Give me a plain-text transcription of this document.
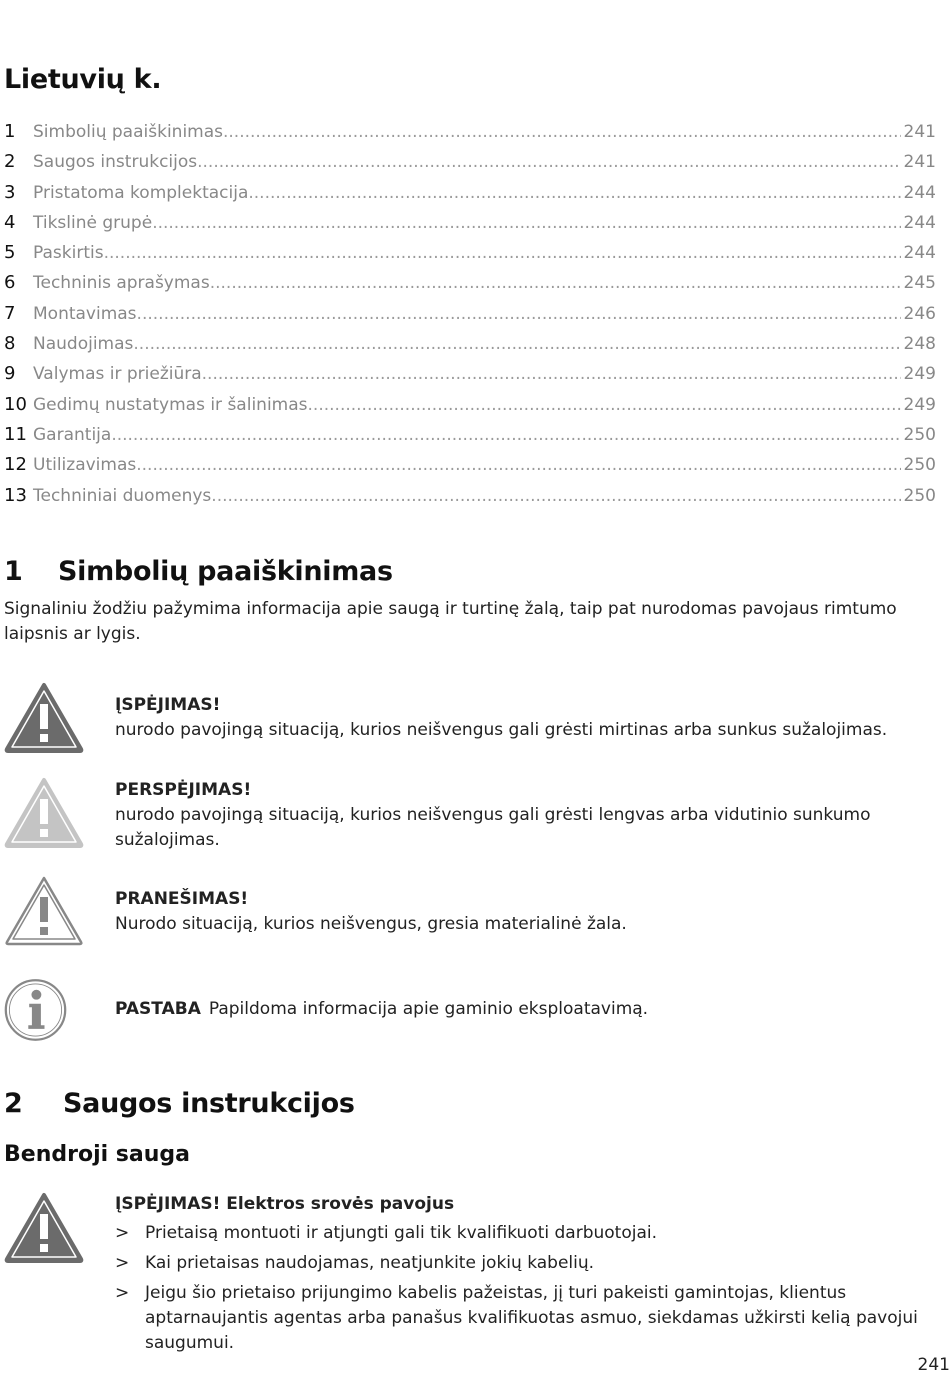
Lietuvių k.
1	Simbolių paaiškinimas .....	241
2	Saugos instrukcijos .....	241
3	Pristatoma komplektacija .....	244
4	Tikslinė grupė .....	244
5	Paskirtis .....	244
6	Techninis aprašymas .....	245
7	Montavimas .....	246
8	Naudojimas .....	248
9	Valymas ir priežiūra .....	249
10 Gedimų nustatymas ir šalinimas .....	249
11 Garantija .....	250
12 Utilizavimas .....	250
13 Techniniai duomenys .....	250
1	Simbolių paaiškinimas

Signaliniu žodžiu pažymima informacija apie saugą ir turtinę žalą, taip pat nurodomas pavojaus rimtumo laipsnis ar lygis.

ĮSPĖJIMAS!
nurodo pavojingą situaciją, kurios neišvengus gali grėsti mirtinas arba sunkus sužalojimas.
PERSPĖJIMAS!
nurodo pavojingą situaciją, kurios neišvengus gali grėsti lengvas arba vidutinio sunkumo sužalojimas.
PRANEŠIMAS!
Nurodo situaciją, kurios neišvengus, gresia materialinė žala.
PASTABA Papildoma informacija apie gaminio eksploatavimą.
2	Saugos instrukcijos
Bendroji sauga
ĮSPĖJIMAS! Elektros srovės pavojus
> Prietaisą montuoti ir atjungti gali tik kvalifikuoti darbuotojai.
> Kai prietaisas naudojamas, neatjunkite jokių kabelių.
> Jeigu šio prietaiso prijungimo kabelis pažeistas, jį turi pakeisti gamintojas, klientus aptarnaujantis agentas arba panašus kvalifikuotas asmuo, siekdamas užkirsti kelią pavojui saugumui.
241
